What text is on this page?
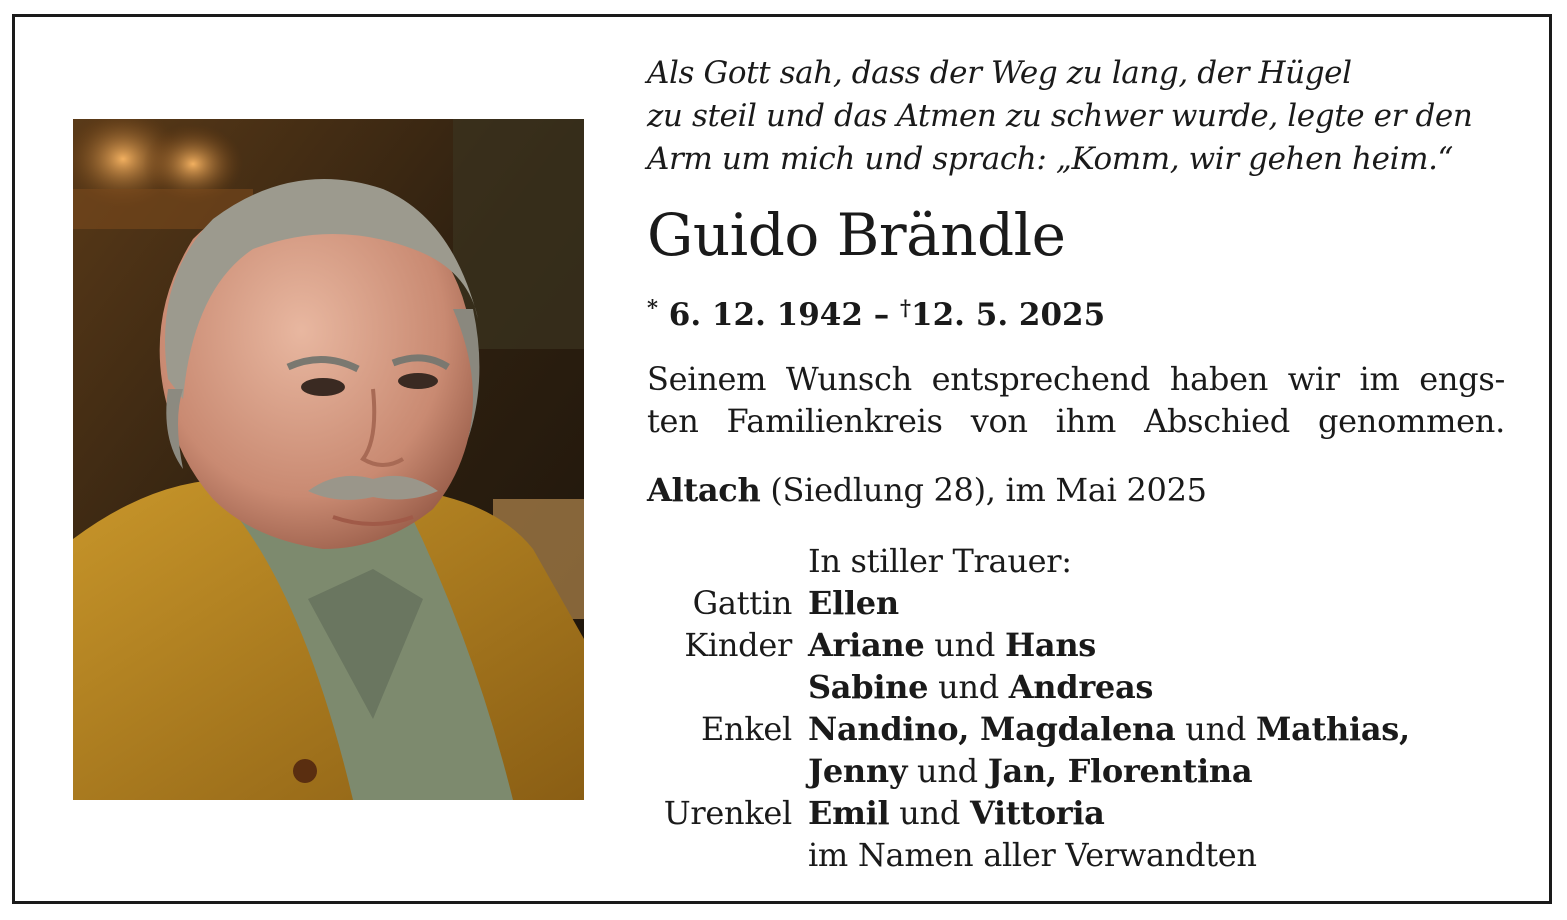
Als Gott sah, dass der Weg zu lang, der Hügel
zu steil und das Atmen zu schwer wurde, legte er den
Arm um mich und sprach: „Komm, wir gehen heim.“
Guido Brändle
* 6. 12. 1942 – †12. 5. 2025
Seinem Wunsch entsprechend haben wir im engs-
ten Familienkreis von ihm Abschied genommen.
Altach (Siedlung 28), im Mai 2025
In stiller Trauer:
Gattin Ellen
Kinder Ariane und Hans
Sabine und Andreas
Enkel Nandino, Magdalena und Mathias,
Jenny und Jan, Florentina
Urenkel Emil und Vittoria
im Namen aller Verwandten
